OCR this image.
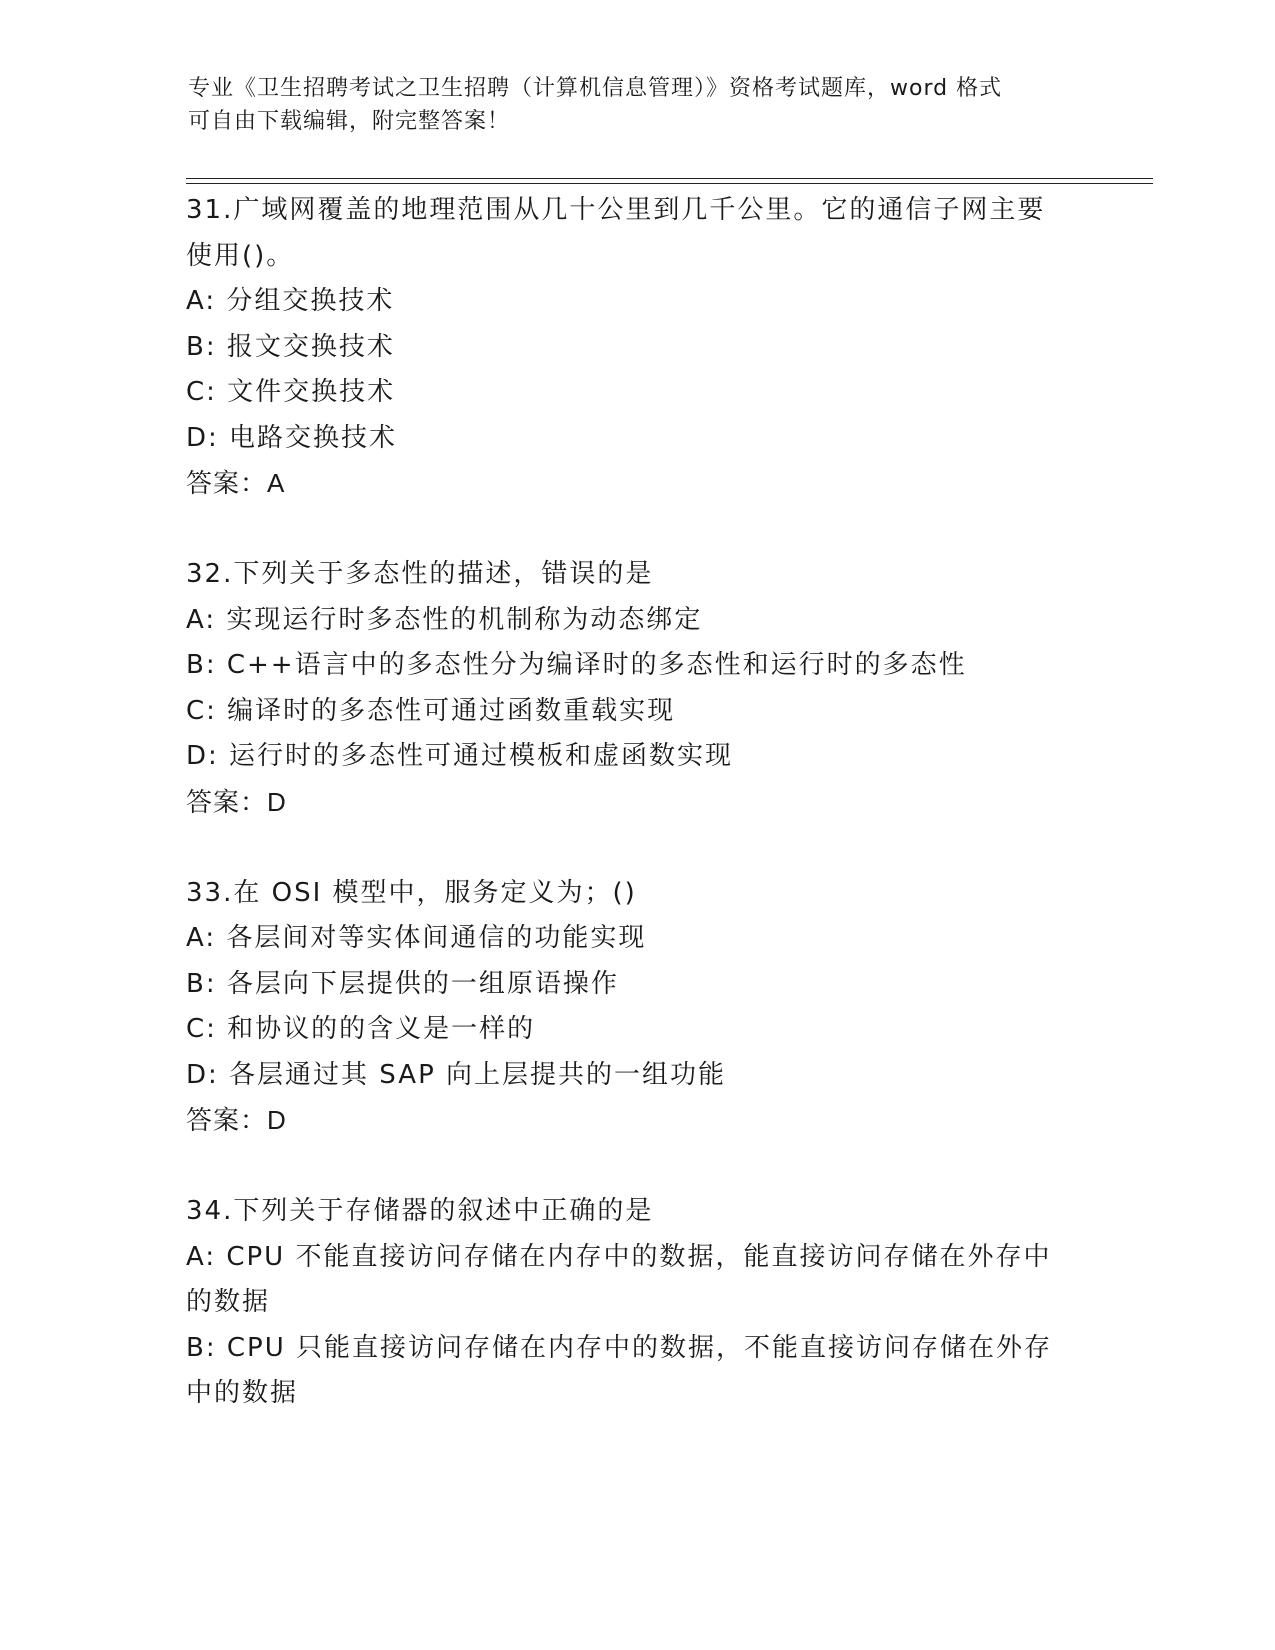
专业《卫生招聘考试之卫生招聘（计算机信息管理）》资格考试题库，word 格式
可自由下载编辑，附完整答案！
31.广域网覆盖的地理范围从几十公里到几千公里。它的通信子网主要
使用()。
A: 分组交换技术
B: 报文交换技术
C: 文件交换技术
D: 电路交换技术
答案：A
32.下列关于多态性的描述，错误的是
A: 实现运行时多态性的机制称为动态绑定
B: C++语言中的多态性分为编译时的多态性和运行时的多态性
C: 编译时的多态性可通过函数重载实现
D: 运行时的多态性可通过模板和虚函数实现
答案：D
33.在 OSI 模型中，服务定义为；()
A: 各层间对等实体间通信的功能实现
B: 各层向下层提供的一组原语操作
C: 和协议的的含义是一样的
D: 各层通过其 SAP 向上层提共的一组功能
答案：D
34.下列关于存储器的叙述中正确的是
A: CPU 不能直接访问存储在内存中的数据，能直接访问存储在外存中
的数据
B: CPU 只能直接访问存储在内存中的数据，不能直接访问存储在外存
中的数据
